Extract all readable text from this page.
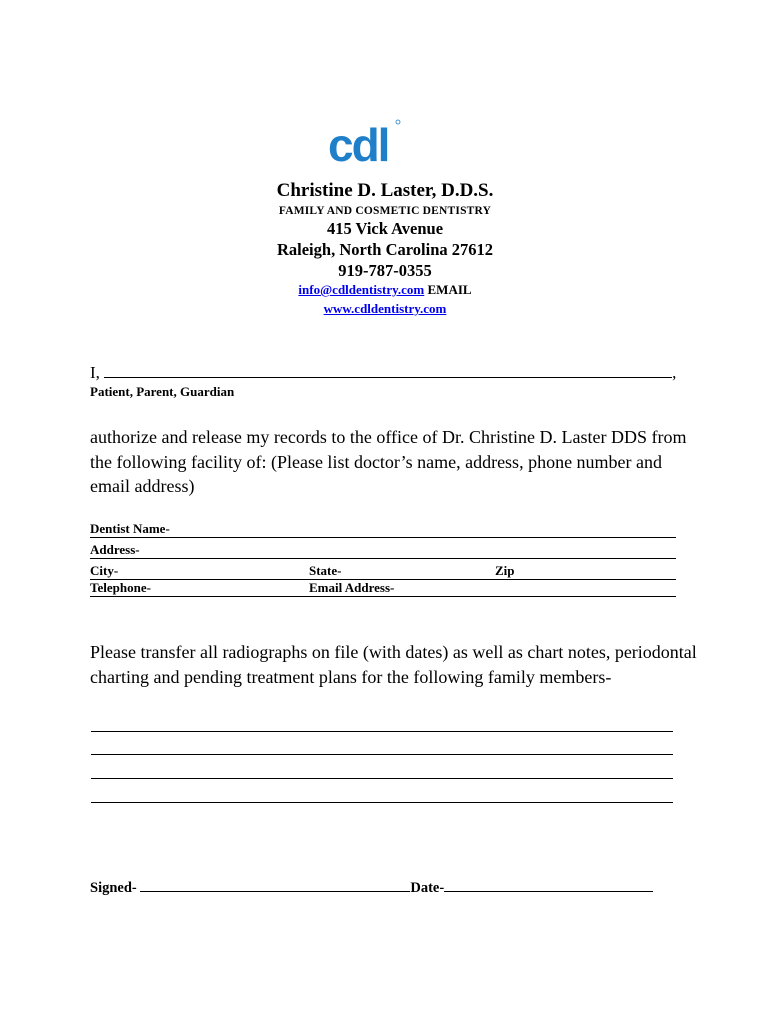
cdl
Christine D. Laster, D.D.S.
FAMILY AND COSMETIC DENTISTRY
415 Vick Avenue
Raleigh, North Carolina 27612
919-787-0355
info@cdldentistry.com EMAIL
www.cdldentistry.com
I,	,
Patient, Parent, Guardian
authorize and release my records to the office of Dr. Christine D. Laster DDS from the following facility of: (Please list doctor’s name, address, phone number and email address)
Dentist Name-
Address-
City-	State-	Zip
Telephone-	Email Address-
Please transfer all radiographs on file (with dates) as well as chart notes, periodontal charting and pending treatment plans for the following family members-
Signed-	Date-
